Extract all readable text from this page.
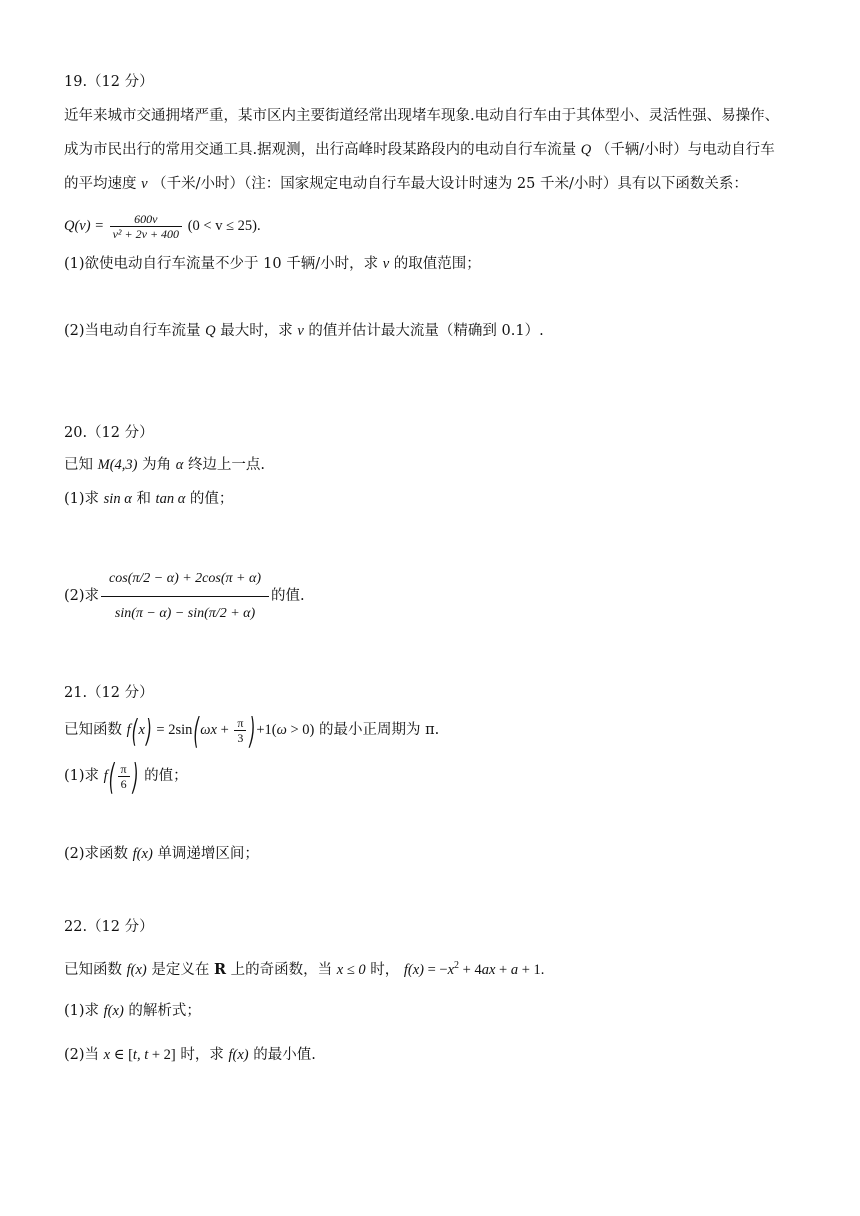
19.（12 分）
近年来城市交通拥堵严重，某市区内主要街道经常出现堵车现象.电动自行车由于其体型小、灵活性强、易操作、
成为市民出行的常用交通工具.据观测，出行高峰时段某路段内的电动自行车流量 Q （千辆/小时）与电动自行车
的平均速度 v （千米/小时）（注：国家规定电动自行车最大设计时速为 25 千米/小时）具有以下函数关系：
$Q(v) = \frac{600v}{\text{v² + 2v + 400}} (0 < v \le 25)$.
(1)欲使电动自行车流量不少于 10 千辆/小时，求 v 的取值范围；
(2)当电动自行车流量 Q 最大时，求 v 的值并估计最大流量（精确到 0.1）.
20.（12 分）
已知 M(4,3) 为角 α 终边上一点.
(1)求 sin α 和 tan α 的值；
(2)求 $\frac{\cos(\pi/2 - \alpha) + 2\cos(\pi + \alpha)}{\sin(\pi - \alpha) - \sin(\pi/2 + \alpha)}$ 的值.
21.（12 分）
已知函数 $f(x) = 2\sin(\omega x + \frac{\pi}{3} )+1(\omega > 0)$ 的最小正周期为 π.
(1)求 $f( \frac{\pi}{6}$ ) 的值；
(2)求函数 f(x) 单调递增区间；
22.（12 分）
已知函数 f(x) 是定义在 R 上的奇函数，当 x ≤ 0 时， $f(x) = -x^2 + 4ax + a + 1$.
(1)求 f(x) 的解析式；
(2)当 x ∈ [t, t + 2] 时，求 f(x) 的最小值.
